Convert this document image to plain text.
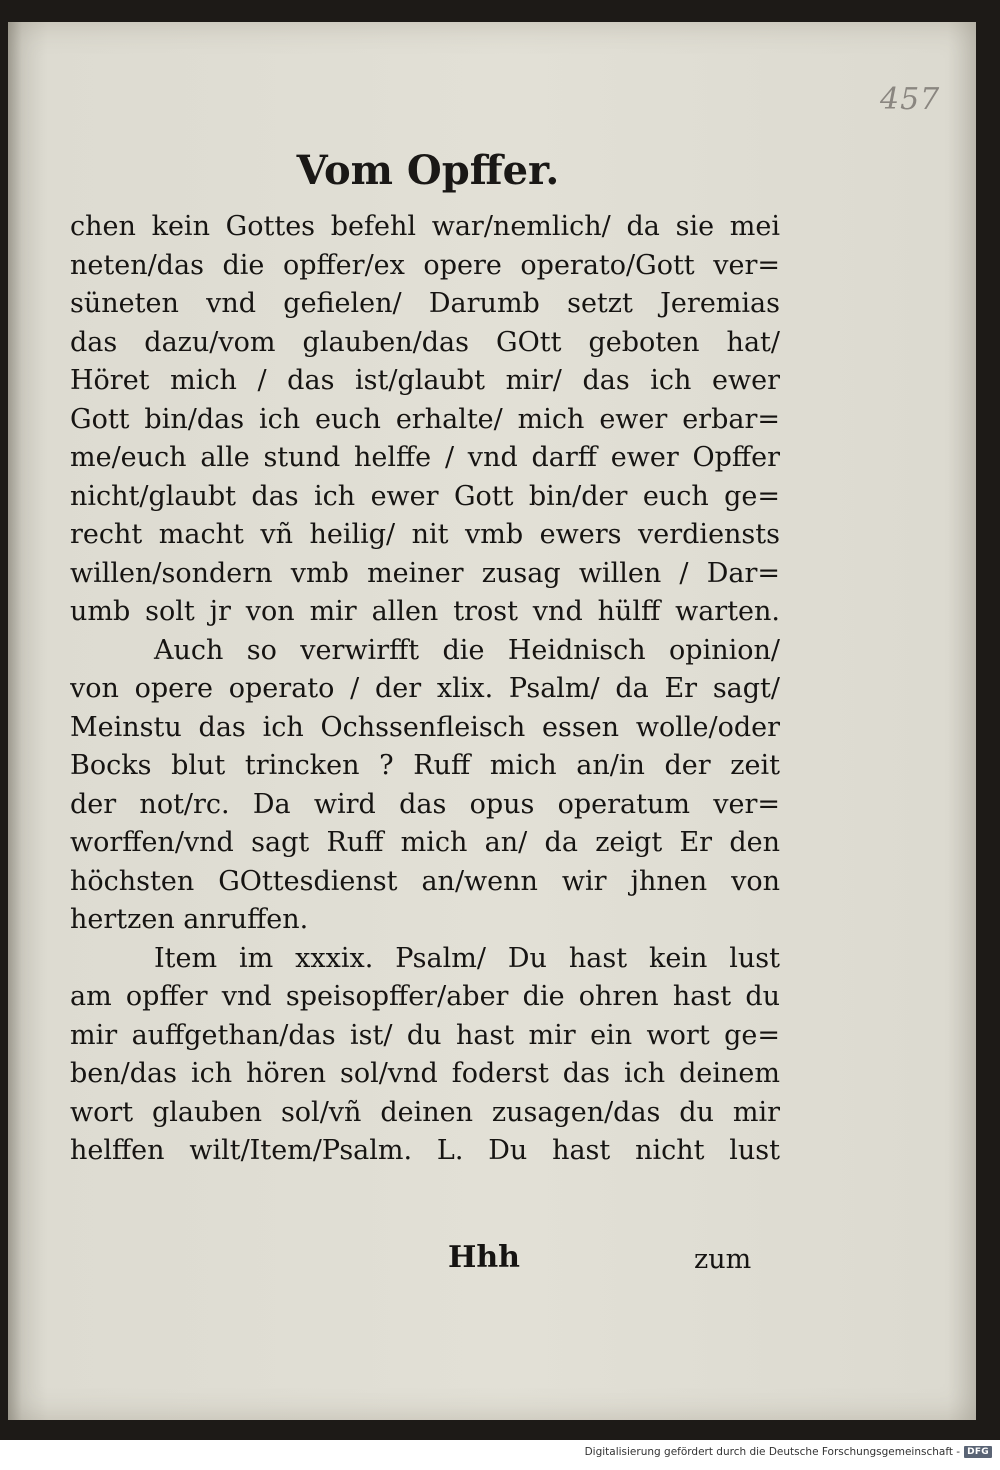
457
Vom Opffer.
chen kein Gottes befehl war/nemlich/ da sie mei
neten/das die opffer/ex opere operato/Gott ver=
süneten vnd gefielen/ Darumb setzt Jeremias
das dazu/vom glauben/das GOtt geboten hat/
Höret mich / das ist/glaubt mir/ das ich ewer
Gott bin/das ich euch erhalte/ mich ewer erbar=
me/euch alle stund helffe / vnd darff ewer Opffer
nicht/glaubt das ich ewer Gott bin/der euch ge=
recht macht vñ heilig/ nit vmb ewers verdiensts
willen/sondern vmb meiner zusag willen / Dar=
umb solt jr von mir allen trost vnd hülff warten.
Auch so verwirfft die Heidnisch opinion/
von opere operato / der xlix. Psalm/ da Er sagt/
Meinstu das ich Ochssenfleisch essen wolle/oder
Bocks blut trincken ? Ruff mich an/in der zeit
der not/rc. Da wird das opus operatum ver=
worffen/vnd sagt Ruff mich an/ da zeigt Er den
höchsten GOttesdienst an/wenn wir jhnen von
hertzen anruffen.
Item im xxxix. Psalm/ Du hast kein lust
am opffer vnd speisopffer/aber die ohren hast du
mir auffgethan/das ist/ du hast mir ein wort ge=
ben/das ich hören sol/vnd foderst das ich deinem
wort glauben sol/vñ deinen zusagen/das du mir
helffen wilt/Item/Psalm. L. Du hast nicht lust
Hhh	zum
Digitalisierung gefördert durch die Deutsche Forschungsgemeinschaft - DFG
